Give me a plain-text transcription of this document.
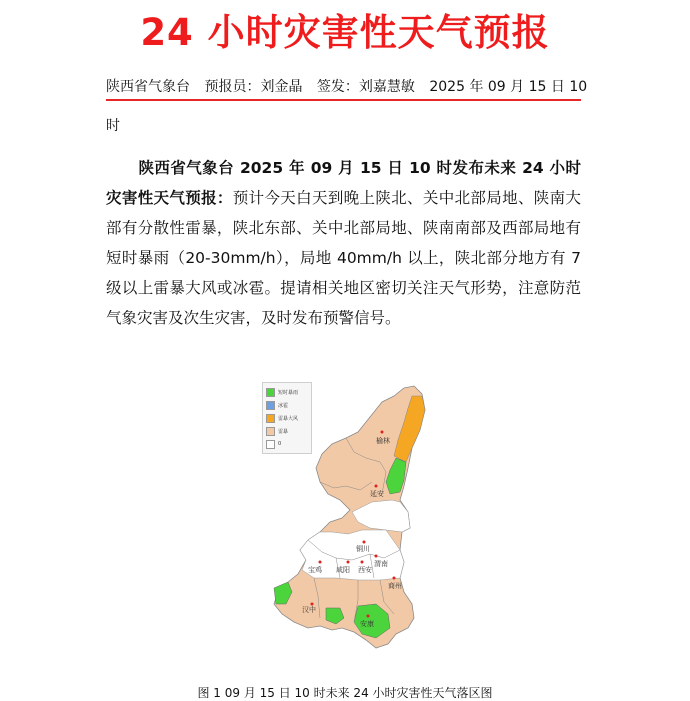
24 小时灾害性天气预报
陕西省气象台 预报员：刘金晶 签发：刘嘉慧敏 2025 年 09 月 15 日 10
时
陕西省气象台 2025 年 09 月 15 日 10 时发布未来 24 小时灾害性天气预报：预计今天白天到晚上陕北、关中北部局地、陕南大部有分散性雷暴，陕北东部、关中北部局地、陕南南部及西部局地有短时暴雨（20-30mm/h），局地 40mm/h 以上，陕北部分地方有 7 级以上雷暴大风或冰雹。提请相关地区密切关注天气形势，注意防范气象灾害及次生灾害，及时发布预警信号。
榆林
延安
铜川
宝鸡 咸阳 西安
渭南
商州
汉中
安康
短时暴雨
冰雹
雷暴大风
雷暴
0
图 1 09 月 15 日 10 时未来 24 小时灾害性天气落区图
